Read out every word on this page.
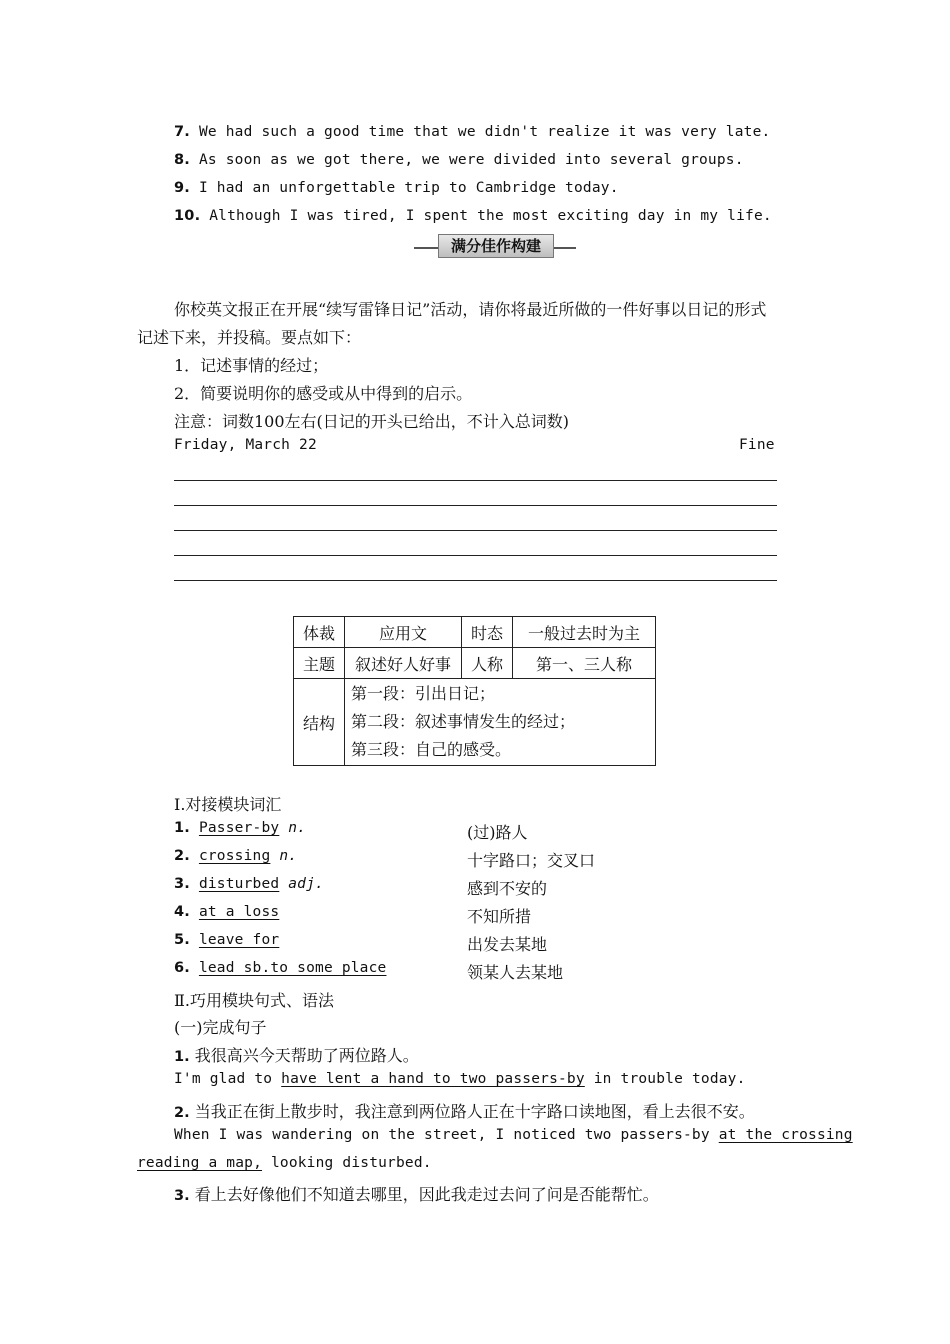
7. We had such a good time that we didn't realize it was very late.
8. As soon as we got there, we were divided into several groups.
9. I had an unforgettable trip to Cambridge today.
10. Although I was tired, I spent the most exciting day in my life.
满分佳作构建
你校英文报正在开展“续写雷锋日记”活动，请你将最近所做的一件好事以日记的形式
记述下来，并投稿。要点如下：
1．记述事情的经过；
2．简要说明你的感受或从中得到的启示。
注意：词数100左右(日记的开头已给出，不计入总词数)
Friday, March 22	Fine
体裁	应用文	时态	一般过去时为主
主题	叙述好人好事	人称	第一、三人称
结构	第一段：引出日记；
第二段：叙述事情发生的经过；
第三段：自己的感受。		
Ⅰ.对接模块词汇
1. Passer-by n.	(过)路人
2. crossing n.	十字路口；交叉口
3. disturbed adj.	感到不安的
4. at a loss	不知所措
5. leave for	出发去某地
6. lead sb.to some place	领某人去某地
Ⅱ.巧用模块句式、语法
(一)完成句子
1. 我很高兴今天帮助了两位路人。
I'm glad to have lent a hand to two passers-by in trouble today.
2. 当我正在街上散步时，我注意到两位路人正在十字路口读地图，看上去很不安。
When I was wandering on the street, I noticed two passers-by at the crossing
reading a map, looking disturbed.
3. 看上去好像他们不知道去哪里，因此我走过去问了问是否能帮忙。
